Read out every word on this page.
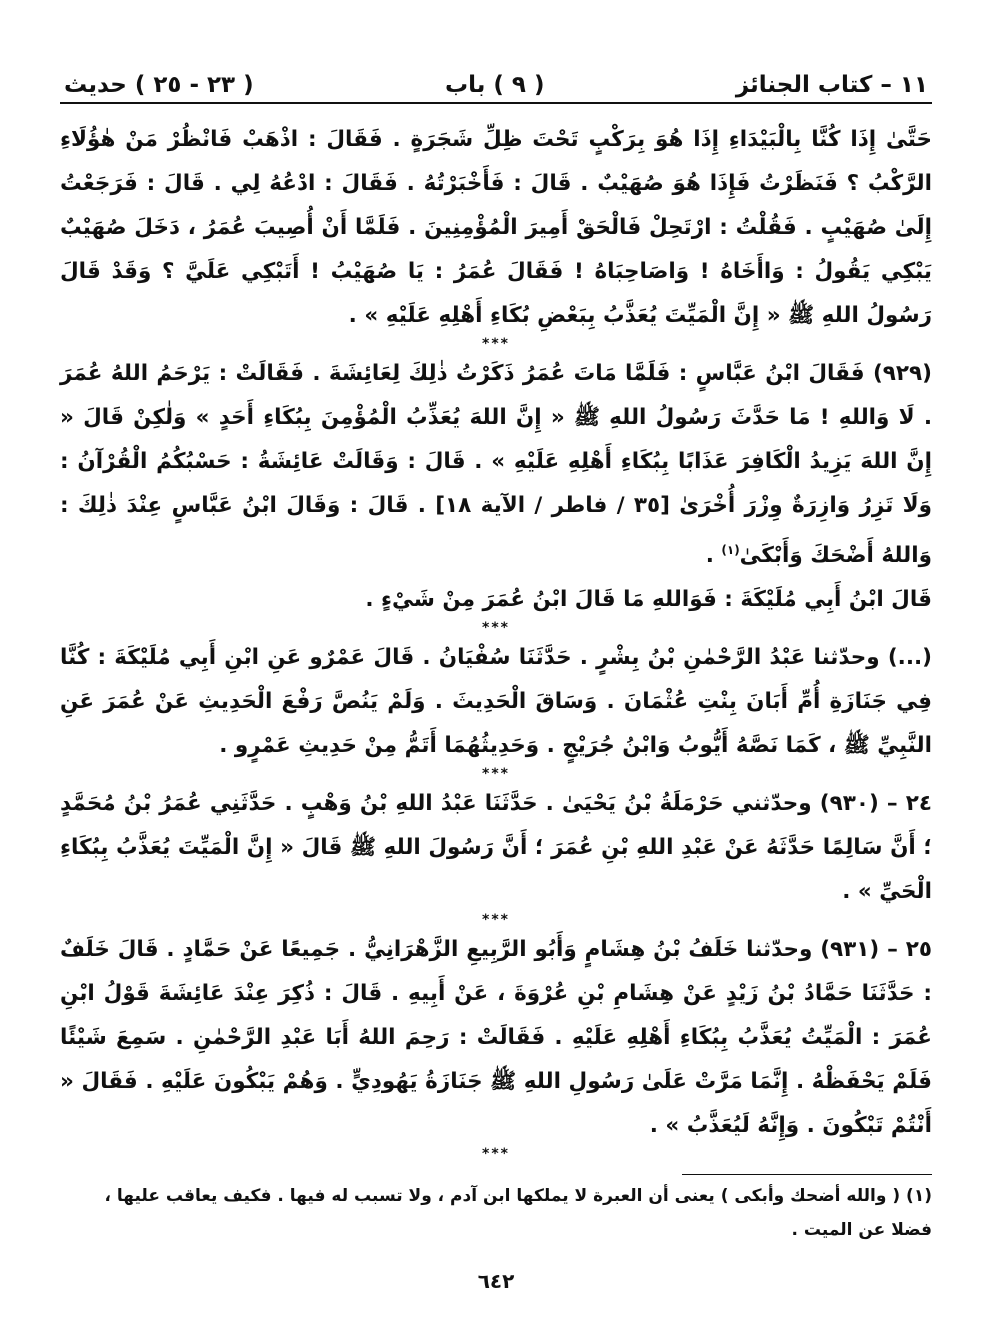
١١ – كتاب الجنائز
( ٩ ) باب
( ٢٣ - ٢٥ ) حديث

حَتَّىٰ إِذَا كُنَّا بِالْبَيْدَاءِ إِذَا هُوَ بِرَكْبٍ تَحْتَ ظِلِّ شَجَرَةٍ . فَقَالَ : اذْهَبْ فَانْظُرْ مَنْ هٰؤُلَاءِ الرَّكْبُ ؟ فَنَظَرْتُ فَإِذَا هُوَ صُهَيْبٌ . قَالَ : فَأَخْبَرْتُهُ . فَقَالَ : ادْعُهُ لِي . قَالَ : فَرَجَعْتُ إِلَىٰ صُهَيْبٍ . فَقُلْتُ : ارْتَحِلْ فَالْحَقْ أَمِيرَ الْمُؤْمِنِينَ . فَلَمَّا أَنْ أُصِيبَ عُمَرُ ، دَخَلَ صُهَيْبٌ يَبْكِي يَقُولُ : وَاأَخَاهُ ! وَاصَاحِبَاهُ ! فَقَالَ عُمَرُ : يَا صُهَيْبُ ! أَتَبْكِي عَلَيَّ ؟ وَقَدْ قَالَ رَسُولُ اللهِ ﷺ « إِنَّ الْمَيِّتَ يُعَذَّبُ بِبَعْضِ بُكَاءِ أَهْلِهِ عَلَيْهِ » .

***

(٩٢٩) فَقَالَ ابْنُ عَبَّاسٍ : فَلَمَّا مَاتَ عُمَرُ ذَكَرْتُ ذٰلِكَ لِعَائِشَةَ . فَقَالَتْ : يَرْحَمُ اللهُ عُمَرَ . لَا وَاللهِ ! مَا حَدَّثَ رَسُولُ اللهِ ﷺ « إِنَّ اللهَ يُعَذِّبُ الْمُؤْمِنَ بِبُكَاءِ أَحَدٍ » وَلٰكِنْ قَالَ « إِنَّ اللهَ يَزِيدُ الْكَافِرَ عَذَابًا بِبُكَاءِ أَهْلِهِ عَلَيْهِ » . قَالَ : وَقَالَتْ عَائِشَةُ : حَسْبُكُمُ الْقُرْآنُ : وَلَا تَزِرُ وَازِرَةٌ وِزْرَ أُخْرَىٰ [٣٥ / فاطر / الآية ١٨] . قَالَ : وَقَالَ ابْنُ عَبَّاسٍ عِنْدَ ذٰلِكَ : وَاللهُ أَضْحَكَ وَأَبْكَىٰ$^{(١)}$ .

قَالَ ابْنُ أَبِي مُلَيْكَةَ : فَوَاللهِ مَا قَالَ ابْنُ عُمَرَ مِنْ شَيْءٍ .

***

(...) وحدّثنا عَبْدُ الرَّحْمٰنِ بْنُ بِشْرٍ . حَدَّثَنَا سُفْيَانُ . قَالَ عَمْرٌو عَنِ ابْنِ أَبِي مُلَيْكَةَ : كُنَّا فِي جَنَازَةِ أُمِّ أَبَانَ بِنْتِ عُثْمَانَ . وَسَاقَ الْحَدِيثَ . وَلَمْ يَنُصَّ رَفْعَ الْحَدِيثِ عَنْ عُمَرَ عَنِ النَّبِيِّ ﷺ ، كَمَا نَصَّهُ أَيُّوبُ وَابْنُ جُرَيْجٍ . وَحَدِيثُهُمَا أَتَمُّ مِنْ حَدِيثِ عَمْرٍو .

***

٢٤ – (٩٣٠) وحدّثني حَرْمَلَةُ بْنُ يَحْيَىٰ . حَدَّثَنَا عَبْدُ اللهِ بْنُ وَهْبٍ . حَدَّثَنِي عُمَرُ بْنُ مُحَمَّدٍ ؛ أَنَّ سَالِمًا حَدَّثَهُ عَنْ عَبْدِ اللهِ بْنِ عُمَرَ ؛ أَنَّ رَسُولَ اللهِ ﷺ قَالَ « إِنَّ الْمَيِّتَ يُعَذَّبُ بِبُكَاءِ الْحَيِّ » .

***

٢٥ – (٩٣١) وحدّثنا خَلَفُ بْنُ هِشَامٍ وَأَبُو الرَّبِيعِ الزَّهْرَانِيُّ . جَمِيعًا عَنْ حَمَّادٍ . قَالَ خَلَفٌ : حَدَّثَنَا حَمَّادُ بْنُ زَيْدٍ عَنْ هِشَامِ بْنِ عُرْوَةَ ، عَنْ أَبِيهِ . قَالَ : ذُكِرَ عِنْدَ عَائِشَةَ قَوْلُ ابْنِ عُمَرَ : الْمَيِّتُ يُعَذَّبُ بِبُكَاءِ أَهْلِهِ عَلَيْهِ . فَقَالَتْ : رَحِمَ اللهُ أَبَا عَبْدِ الرَّحْمٰنِ . سَمِعَ شَيْئًا فَلَمْ يَحْفَظْهُ . إِنَّمَا مَرَّتْ عَلَىٰ رَسُولِ اللهِ ﷺ جَنَازَةُ يَهُودِيٍّ . وَهُمْ يَبْكُونَ عَلَيْهِ . فَقَالَ « أَنْتُمْ تَبْكُونَ . وَإِنَّهُ لَيُعَذَّبُ » .

***
(١) ( والله أضحك وأبكى ) يعنى أن العبرة لا يملكها ابن آدم ، ولا تسبب له فيها . فكيف يعاقب عليها ، فضلا عن الميت .
٦٤٢
